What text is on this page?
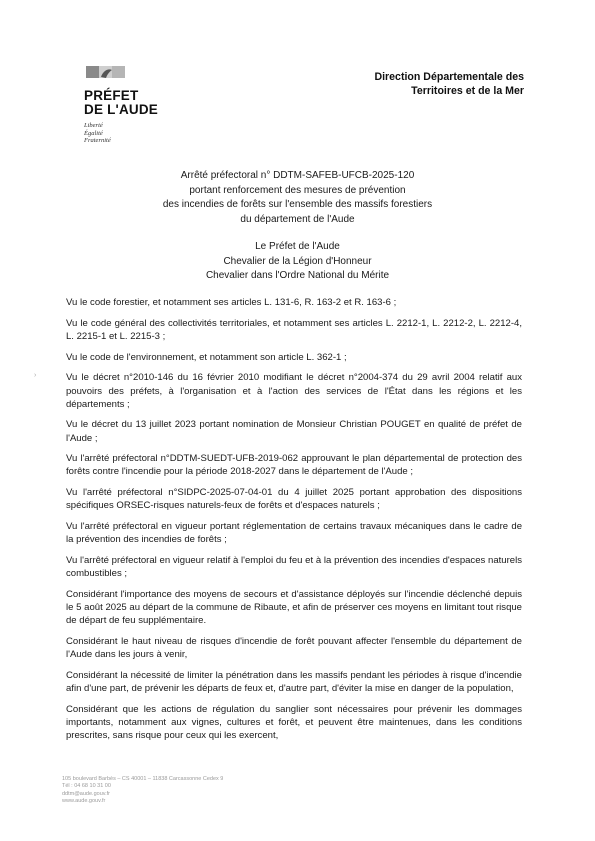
PRÉFET
DE L'AUDE
Liberté
Égalité
Fraternité
Direction Départementale des
Territoires et de la Mer
Arrêté préfectoral n° DDTM-SAFEB-UFCB-2025-120
portant renforcement des mesures de prévention
des incendies de forêts sur l'ensemble des massifs forestiers
du département de l'Aude
Le Préfet de l'Aude
Chevalier de la Légion d'Honneur
Chevalier dans l'Ordre National du Mérite
›

Vu le code forestier, et notamment ses articles L. 131-6, R. 163-2 et R. 163-6 ;

Vu le code général des collectivités territoriales, et notamment ses articles L. 2212-1, L. 2212-2, L. 2212-4, L. 2215-1 et L. 2215-3 ;

Vu le code de l'environnement, et notamment son article L. 362-1 ;

Vu le décret n°2010-146 du 16 février 2010 modifiant le décret n°2004-374 du 29 avril 2004 relatif aux pouvoirs des préfets, à l'organisation et à l'action des services de l'État dans les régions et les départements ;

Vu le décret du 13 juillet 2023 portant nomination de Monsieur Christian POUGET en qualité de préfet de l'Aude ;

Vu l'arrêté préfectoral n°DDTM-SUEDT-UFB-2019-062 approuvant le plan départemental de protection des forêts contre l'incendie pour la période 2018-2027 dans le département de l'Aude ;

Vu l'arrêté préfectoral n°SIDPC-2025-07-04-01 du 4 juillet 2025 portant approbation des dispositions spécifiques ORSEC-risques naturels-feux de forêts et d'espaces naturels ;

Vu l'arrêté préfectoral en vigueur portant réglementation de certains travaux mécaniques dans le cadre de la prévention des incendies de forêts ;

Vu l'arrêté préfectoral en vigueur relatif à l'emploi du feu et à la prévention des incendies d'espaces naturels combustibles ;

Considérant l'importance des moyens de secours et d'assistance déployés sur l'incendie déclenché depuis le 5 août 2025 au départ de la commune de Ribaute, et afin de préserver ces moyens en limitant tout risque de départ de feu supplémentaire.

Considérant le haut niveau de risques d'incendie de forêt pouvant affecter l'ensemble du département de l'Aude dans les jours à venir,

Considérant la nécessité de limiter la pénétration dans les massifs pendant les périodes à risque d'incendie afin d'une part, de prévenir les départs de feux et, d'autre part, d'éviter la mise en danger de la population,

Considérant que les actions de régulation du sanglier sont nécessaires pour prévenir les dommages importants, notamment aux vignes, cultures et forêt, et peuvent être maintenues, dans les conditions prescrites, sans risque pour ceux qui les exercent,

105 boulevard Barbès – CS 40001 – 11838 Carcassonne Cedex 9
Tél : 04 68 10 31 00
ddtm@aude.gouv.fr
www.aude.gouv.fr
